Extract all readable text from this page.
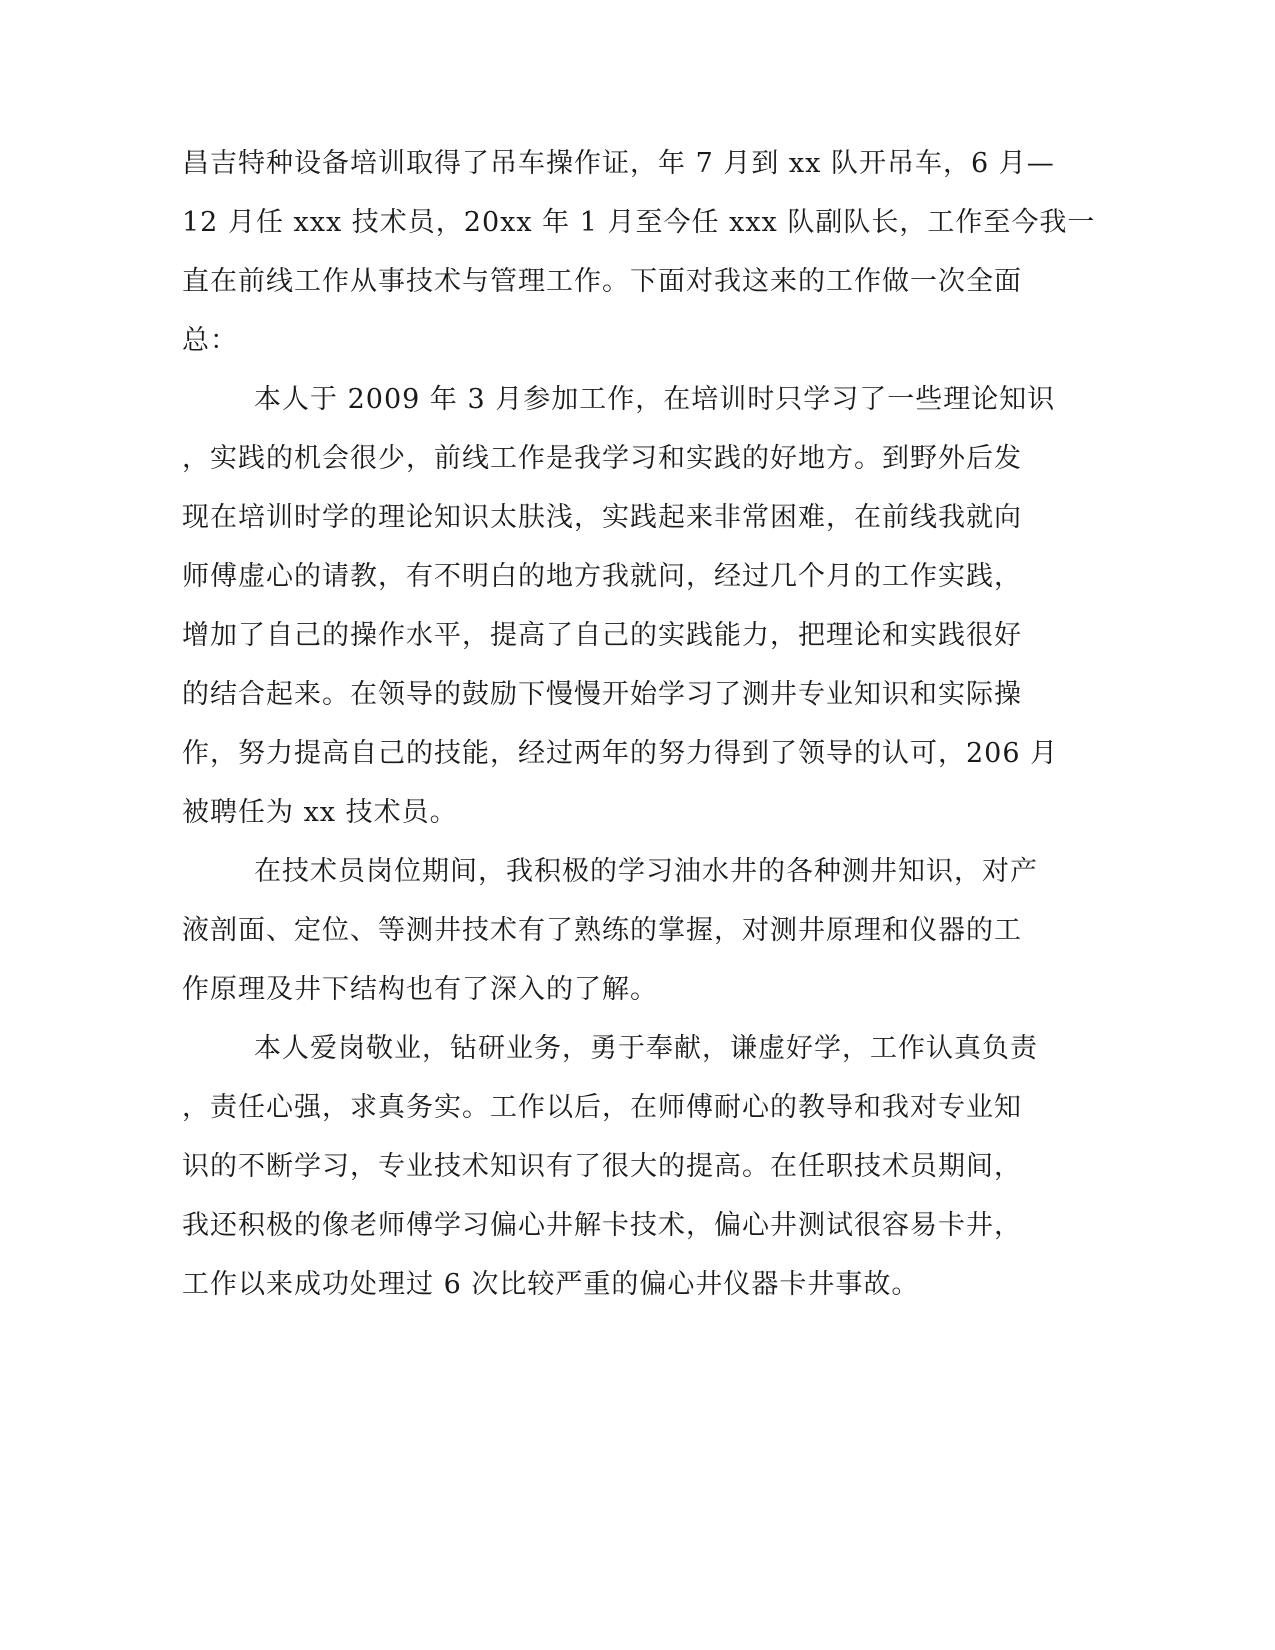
昌吉特种设备培训取得了吊车操作证，年 7 月到 xx 队开吊车，6 月—
12 月任 xxx 技术员，20xx 年 1 月至今任 xxx 队副队长，工作至今我一
直在前线工作从事技术与管理工作。下面对我这来的工作做一次全面
总：
本人于 2009 年 3 月参加工作，在培训时只学习了一些理论知识
，实践的机会很少，前线工作是我学习和实践的好地方。到野外后发
现在培训时学的理论知识太肤浅，实践起来非常困难，在前线我就向
师傅虚心的请教，有不明白的地方我就问，经过几个月的工作实践，
增加了自己的操作水平，提高了自己的实践能力，把理论和实践很好
的结合起来。在领导的鼓励下慢慢开始学习了测井专业知识和实际操
作，努力提高自己的技能，经过两年的努力得到了领导的认可，206 月
被聘任为 xx 技术员。
在技术员岗位期间，我积极的学习油水井的各种测井知识，对产
液剖面、定位、等测井技术有了熟练的掌握，对测井原理和仪器的工
作原理及井下结构也有了深入的了解。
本人爱岗敬业，钻研业务，勇于奉献，谦虚好学，工作认真负责
，责任心强，求真务实。工作以后，在师傅耐心的教导和我对专业知
识的不断学习，专业技术知识有了很大的提高。在任职技术员期间，
我还积极的像老师傅学习偏心井解卡技术，偏心井测试很容易卡井，
工作以来成功处理过 6 次比较严重的偏心井仪器卡井事故。
